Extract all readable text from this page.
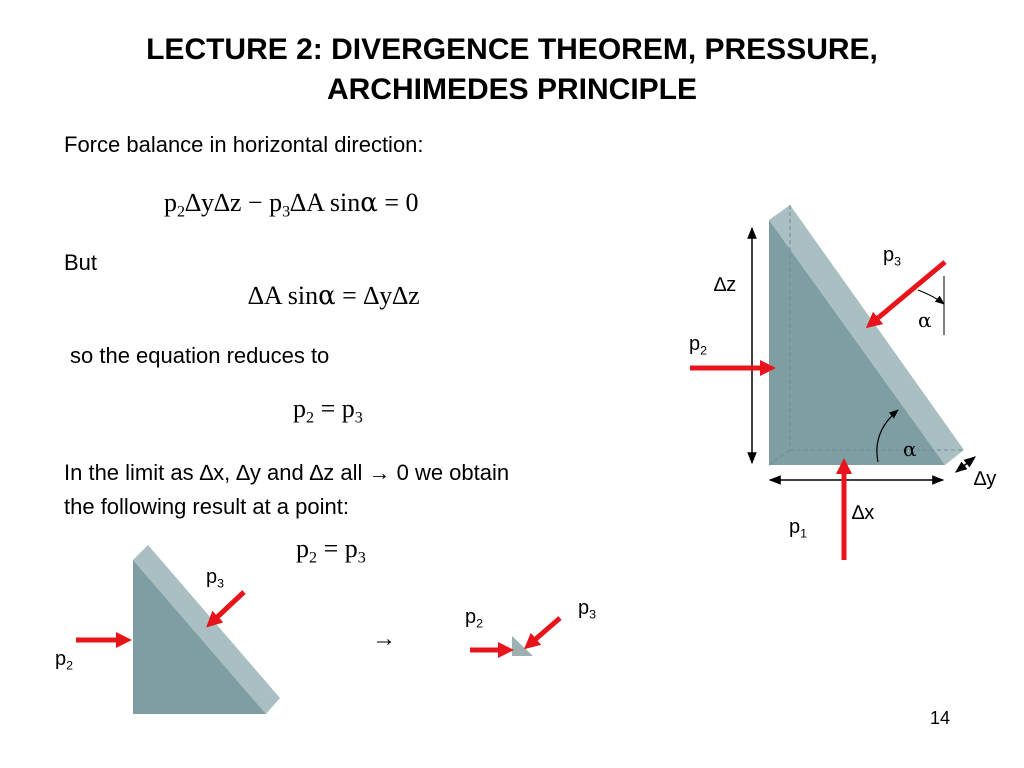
LECTURE 2: DIVERGENCE THEOREM, PRESSURE,
ARCHIMEDES PRINCIPLE
Force balance in horizontal direction:
$p_2\Delta y\Delta z - p_3\Delta A$ sinα = 0
But
∆A sinα = ∆y∆z
so the equation reduces to
$p_2 = p_3$
In the limit as ∆x, ∆y and ∆z all → 0 we obtain
the following result at a point:
$p_2 = p_3$
∆z
$p_3$
α
$p_2$
α
∆y
∆x
$p_1$
$p_3$
$p_2$
→
$p_2$
$p_3$
14
